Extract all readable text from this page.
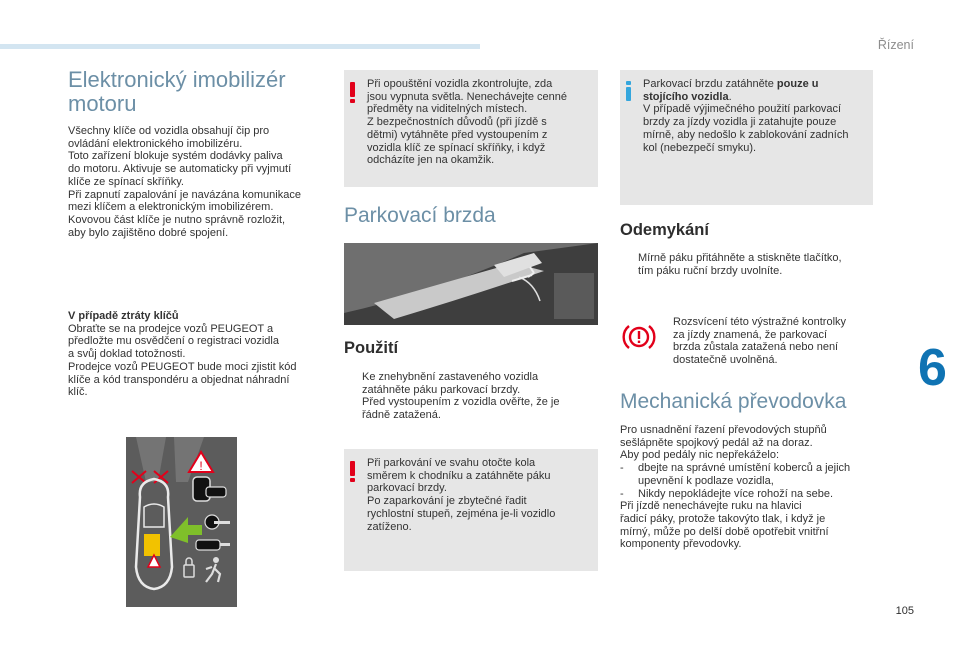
Řízení
6
105
Elektronický imobilizér motoru
Všechny klíče od vozidla obsahují čip pro
ovládání elektronického imobilizéru.
Toto zařízení blokuje systém dodávky paliva
do motoru. Aktivuje se automaticky při vyjmutí
klíče ze spínací skříňky.
Při zapnutí zapalování je navázána komunikace
mezi klíčem a elektronickým imobilizérem.
Kovovou část klíče je nutno správně rozložit,
aby bylo zajištěno dobré spojení.
V případě ztráty klíčů
Obraťte se na prodejce vozů PEUGEOT a
předložte mu osvědčení o registraci vozidla
a svůj doklad totožnosti.
Prodejce vozů PEUGEOT bude moci zjistit kód
klíče a kód transpondéru a objednat náhradní
klíč.
!
Při opouštění vozidla zkontrolujte, zda
jsou vypnuta světla. Nenechávejte cenné
předměty na viditelných místech.
Z bezpečnostních důvodů (při jízdě s
dětmi) vytáhněte před vystoupením z
vozidla klíč ze spínací skříňky, i když
odcházíte jen na okamžik.
Parkovací brzda
Použití
Ke znehybnění zastaveného vozidla
zatáhněte páku parkovací brzdy.
Před vystoupením z vozidla ověřte, že je
řádně zatažená.
Při parkování ve svahu otočte kola
směrem k chodníku a zatáhněte páku
parkovací brzdy.
Po zaparkování je zbytečné řadit
rychlostní stupeň, zejména je-li vozidlo
zatíženo.
Parkovací brzdu zatáhněte pouze u
stojícího vozidla.
V případě výjimečného použití parkovací
brzdy za jízdy vozidla ji zatahujte pouze
mírně, aby nedošlo k zablokování zadních
kol (nebezpečí smyku).
Odemykání
Mírně páku přitáhněte a stiskněte tlačítko,
tím páku ruční brzdy uvolníte.
Rozsvícení této výstražné kontrolky
za jízdy znamená, že parkovací
brzda zůstala zatažená nebo není
dostatečně uvolněná.
Mechanická převodovka
Pro usnadnění řazení převodových stupňů
sešlápněte spojkový pedál až na doraz.
Aby pod pedály nic nepřekáželo:
- dbejte na správné umístění koberců a jejich
upevnění k podlaze vozidla,
- Nikdy nepokládejte více rohoží na sebe.
Při jízdě nenechávejte ruku na hlavici
řadicí páky, protože takovýto tlak, i když je
mírný, může po delší době opotřebit vnitřní
komponenty převodovky.
